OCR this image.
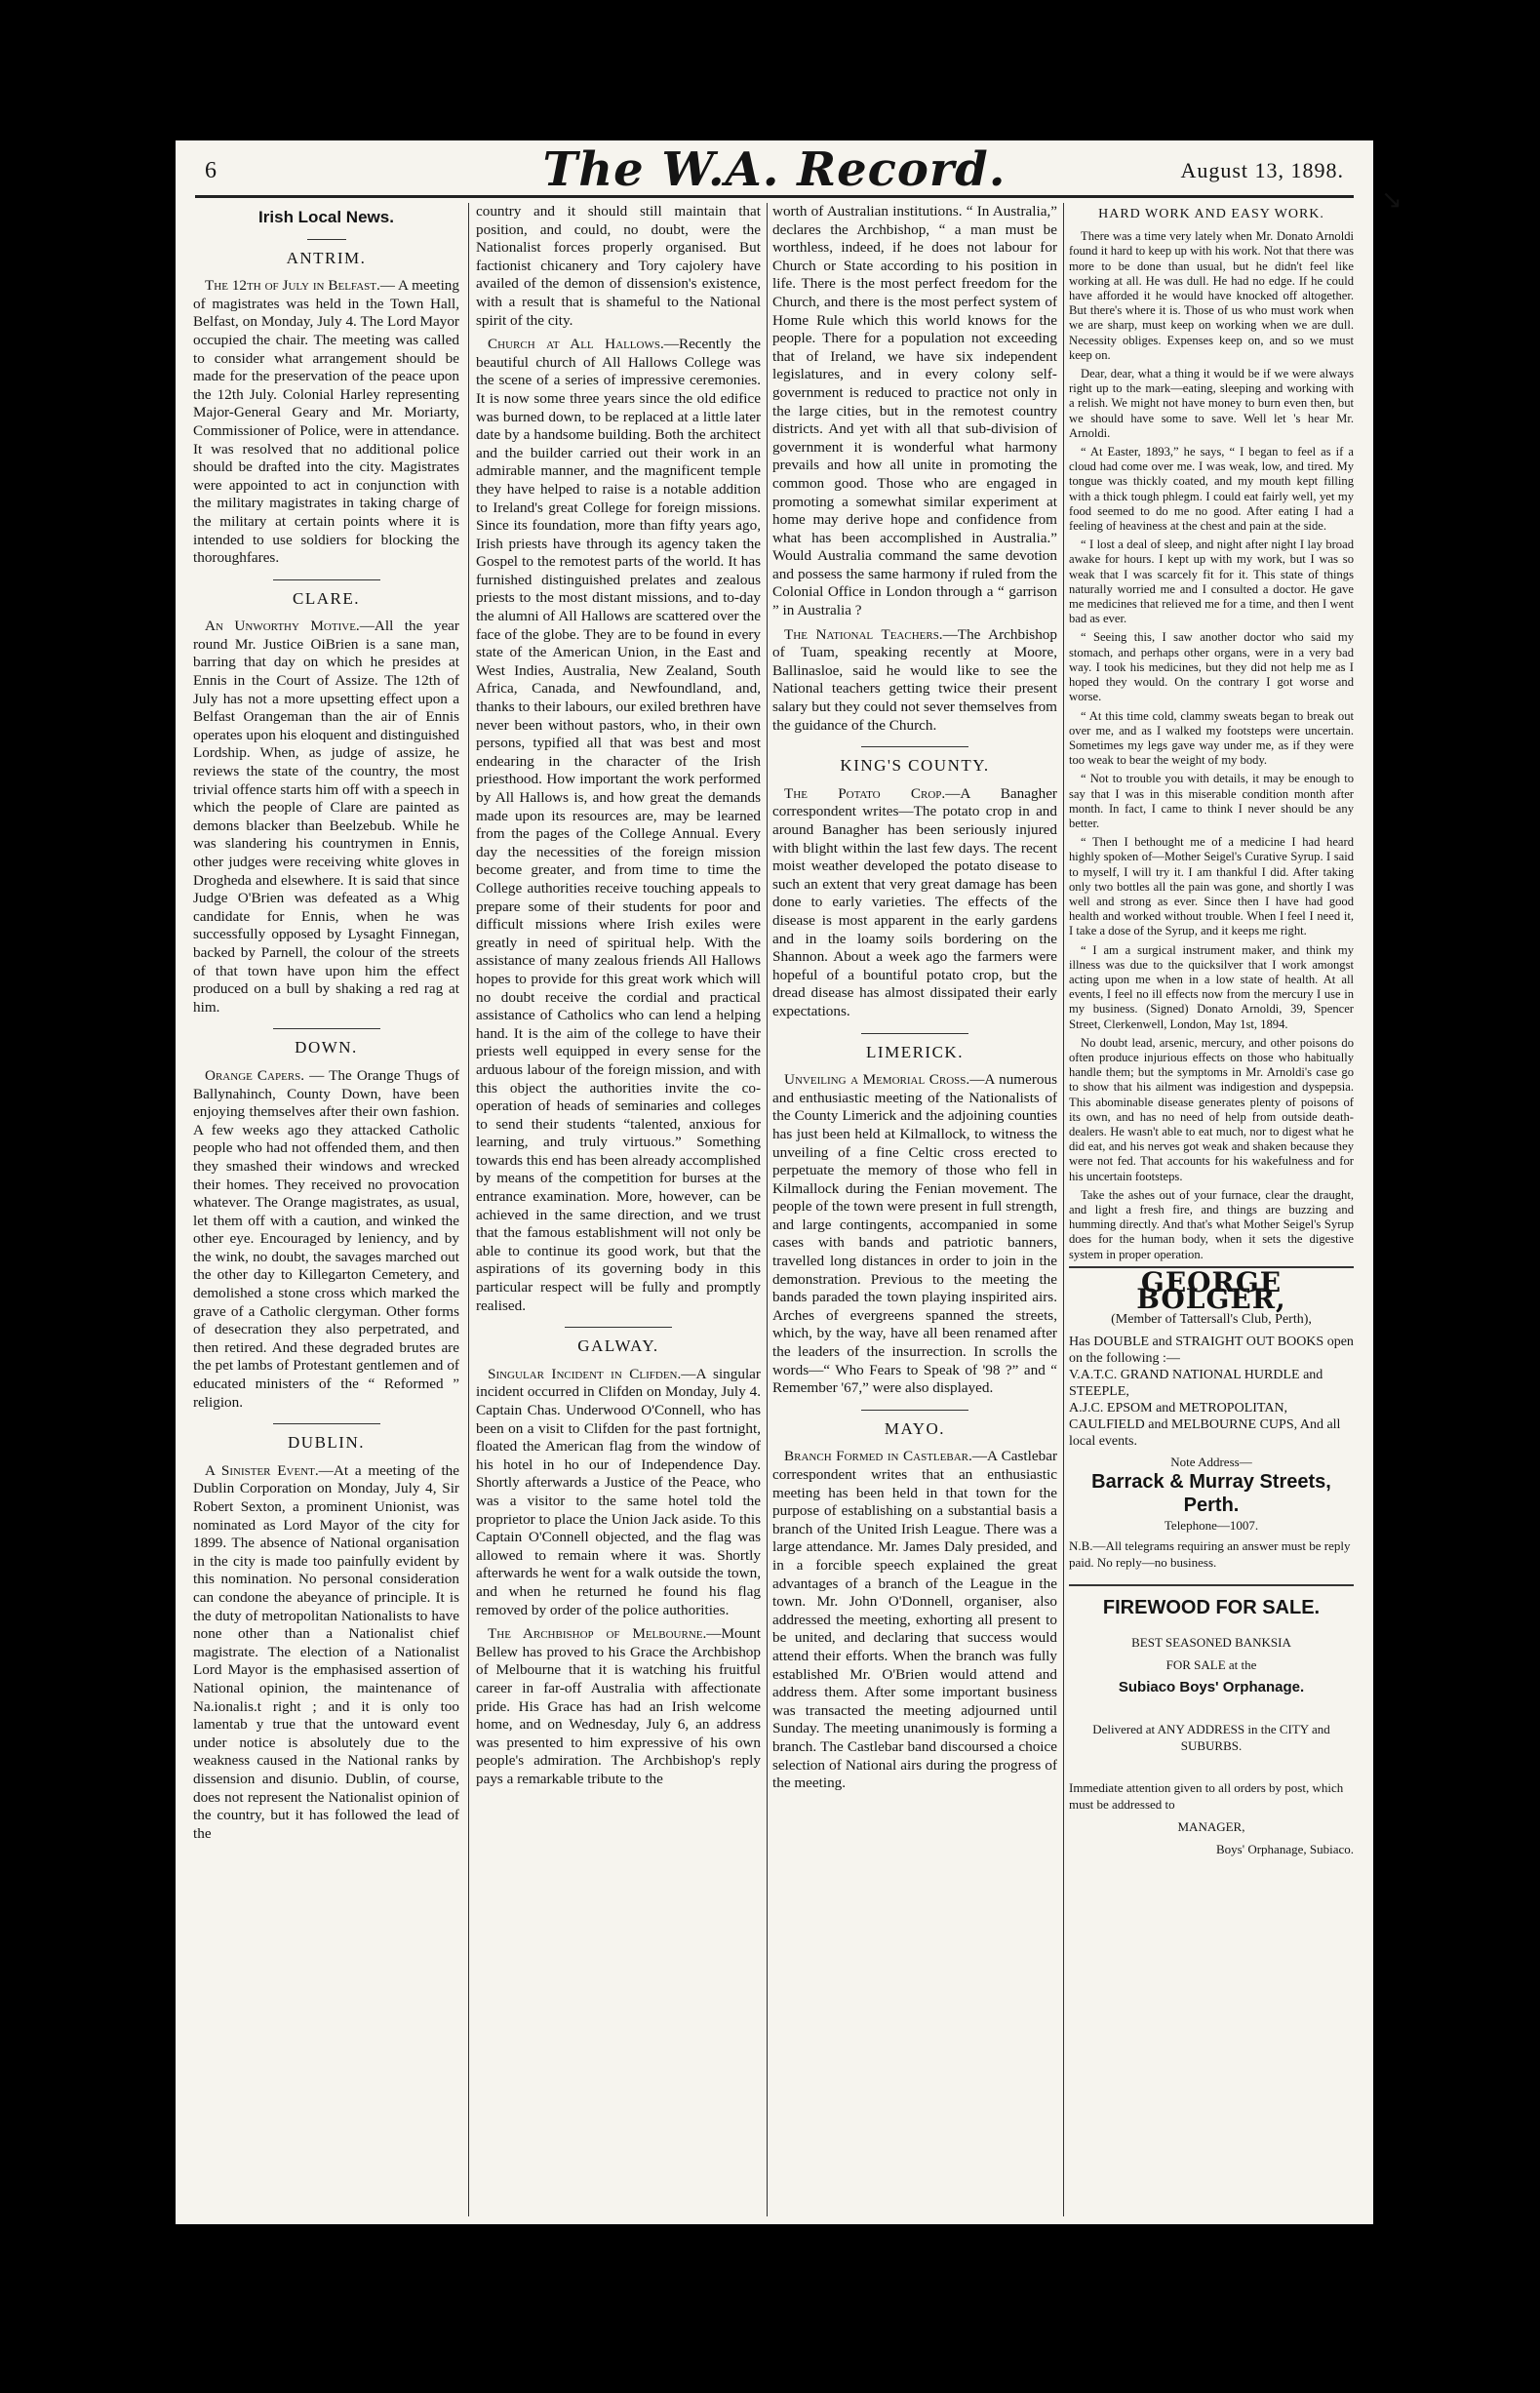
6	The W.A. Record.	August 13, 1898.
Irish Local News.
ANTRIM.

The 12th of July in Belfast.— A meeting of magistrates was held in the Town Hall, Belfast, on Monday, July 4. The Lord Mayor occupied the chair. The meeting was called to consider what arrangement should be made for the preservation of the peace upon the 12th July. Colonial Harley representing Major-General Geary and Mr. Moriarty, Commissioner of Police, were in attendance. It was resolved that no additional police should be drafted into the city. Magistrates were appointed to act in conjunction with the military magistrates in taking charge of the military at certain points where it is intended to use soldiers for blocking the thoroughfares.

CLARE.

An Unworthy Motive.—All the year round Mr. Justice OiBrien is a sane man, barring that day on which he presides at Ennis in the Court of Assize. The 12th of July has not a more upsetting effect upon a Belfast Orangeman than the air of Ennis operates upon his eloquent and distinguished Lordship. When, as judge of assize, he reviews the state of the country, the most trivial offence starts him off with a speech in which the people of Clare are painted as demons blacker than Beelzebub. While he was slandering his countrymen in Ennis, other judges were receiving white gloves in Drogheda and elsewhere. It is said that since Judge O'Brien was defeated as a Whig candidate for Ennis, when he was successfully opposed by Lysaght Finnegan, backed by Parnell, the colour of the streets of that town have upon him the effect produced on a bull by shaking a red rag at him.

DOWN.

Orange Capers. — The Orange Thugs of Ballynahinch, County Down, have been enjoying themselves after their own fashion. A few weeks ago they attacked Catholic people who had not offended them, and then they smashed their windows and wrecked their homes. They received no provocation whatever. The Orange magistrates, as usual, let them off with a caution, and winked the other eye. Encouraged by leniency, and by the wink, no doubt, the savages marched out the other day to Killegarton Cemetery, and demolished a stone cross which marked the grave of a Catholic clergyman. Other forms of desecration they also perpetrated, and then retired. And these degraded brutes are the pet lambs of Protestant gentlemen and of educated ministers of the “ Reformed ” religion.

DUBLIN.

A Sinister Event.—At a meeting of the Dublin Corporation on Monday, July 4, Sir Robert Sexton, a prominent Unionist, was nominated as Lord Mayor of the city for 1899. The absence of National organisation in the city is made too painfully evident by this nomination. No personal consideration can condone the abeyance of principle. It is the duty of metropolitan Nationalists to have none other than a Nationalist chief magistrate. The election of a Nationalist Lord Mayor is the emphasised assertion of National opinion, the maintenance of Na.ionalis.t right ; and it is only too lamentab y true that the untoward event under notice is absolutely due to the weakness caused in the National ranks by dissension and disunio. Dublin, of course, does not represent the Nationalist opinion of the country, but it has followed the lead of the

country and it should still maintain that position, and could, no doubt, were the Nationalist forces properly organised. But factionist chicanery and Tory cajolery have availed of the demon of dissension's existence, with a result that is shameful to the National spirit of the city.

Church at All Hallows.—Recently the beautiful church of All Hallows College was the scene of a series of impressive ceremonies. It is now some three years since the old edifice was burned down, to be replaced at a little later date by a handsome building. Both the architect and the builder carried out their work in an admirable manner, and the magnificent temple they have helped to raise is a notable addition to Ireland's great College for foreign missions. Since its foundation, more than fifty years ago, Irish priests have through its agency taken the Gospel to the remotest parts of the world. It has furnished distinguished prelates and zealous priests to the most distant missions, and to-day the alumni of All Hallows are scattered over the face of the globe. They are to be found in every state of the American Union, in the East and West Indies, Australia, New Zealand, South Africa, Canada, and Newfoundland, and, thanks to their labours, our exiled brethren have never been without pastors, who, in their own persons, typified all that was best and most endearing in the character of the Irish priesthood. How important the work performed by All Hallows is, and how great the demands made upon its resources are, may be learned from the pages of the College Annual. Every day the necessities of the foreign mission become greater, and from time to time the College authorities receive touching appeals to prepare some of their students for poor and difficult missions where Irish exiles were greatly in need of spiritual help. With the assistance of many zealous friends All Hallows hopes to provide for this great work which will no doubt receive the cordial and practical assistance of Catholics who can lend a helping hand. It is the aim of the college to have their priests well equipped in every sense for the arduous labour of the foreign mission, and with this object the authorities invite the co-operation of heads of seminaries and colleges to send their students “talented, anxious for learning, and truly virtuous.” Something towards this end has been already accomplished by means of the competition for burses at the entrance examination. More, however, can be achieved in the same direction, and we trust that the famous establishment will not only be able to continue its good work, but that the aspirations of its governing body in this particular respect will be fully and promptly realised.

GALWAY.

Singular Incident in Clifden.—A singular incident occurred in Clifden on Monday, July 4. Captain Chas. Underwood O'Connell, who has been on a visit to Clifden for the past fortnight, floated the American flag from the window of his hotel in ho our of Independence Day. Shortly afterwards a Justice of the Peace, who was a visitor to the same hotel told the proprietor to place the Union Jack aside. To this Captain O'Connell objected, and the flag was allowed to remain where it was. Shortly afterwards he went for a walk outside the town, and when he returned he found his flag removed by order of the police authorities.

The Archbishop of Melbourne.—Mount Bellew has proved to his Grace the Archbishop of Melbourne that it is watching his fruitful career in far-off Australia with affectionate pride. His Grace has had an Irish welcome home, and on Wednesday, July 6, an address was presented to him expressive of his own people's admiration. The Archbishop's reply pays a remarkable tribute to the

worth of Australian institutions. “ In Australia,” declares the Archbishop, “ a man must be worthless, indeed, if he does not labour for Church or State according to his position in life. There is the most perfect freedom for the Church, and there is the most perfect system of Home Rule which this world knows for the people. There for a population not exceeding that of Ireland, we have six independent legislatures, and in every colony self-government is reduced to practice not only in the large cities, but in the remotest country districts. And yet with all that sub-division of government it is wonderful what harmony prevails and how all unite in promoting the common good. Those who are engaged in promoting a somewhat similar experiment at home may derive hope and confidence from what has been accomplished in Australia.” Would Australia command the same devotion and possess the same harmony if ruled from the Colonial Office in London through a “ garrison ” in Australia ?

The National Teachers.—The Archbishop of Tuam, speaking recently at Moore, Ballinasloe, said he would like to see the National teachers getting twice their present salary but they could not sever themselves from the guidance of the Church.

KING'S COUNTY.

The Potato Crop.—A Banagher correspondent writes—The potato crop in and around Banagher has been seriously injured with blight within the last few days. The recent moist weather developed the potato disease to such an extent that very great damage has been done to early varieties. The effects of the disease is most apparent in the early gardens and in the loamy soils bordering on the Shannon. About a week ago the farmers were hopeful of a bountiful potato crop, but the dread disease has almost dissipated their early expectations.

LIMERICK.

Unveiling a Memorial Cross.—A numerous and enthusiastic meeting of the Nationalists of the County Limerick and the adjoining counties has just been held at Kilmallock, to witness the unveiling of a fine Celtic cross erected to perpetuate the memory of those who fell in Kilmallock during the Fenian movement. The people of the town were present in full strength, and large contingents, accompanied in some cases with bands and patriotic banners, travelled long distances in order to join in the demonstration. Previous to the meeting the bands paraded the town playing inspirited airs. Arches of evergreens spanned the streets, which, by the way, have all been renamed after the leaders of the insurrection. In scrolls the words—“ Who Fears to Speak of '98 ?” and “ Remember '67,” were also displayed.

MAYO.

Branch Formed in Castlebar.—A Castlebar correspondent writes that an enthusiastic meeting has been held in that town for the purpose of establishing on a substantial basis a branch of the United Irish League. There was a large attendance. Mr. James Daly presided, and in a forcible speech explained the great advantages of a branch of the League in the town. Mr. John O'Donnell, organiser, also addressed the meeting, exhorting all present to be united, and declaring that success would attend their efforts. When the branch was fully established Mr. O'Brien would attend and address them. After some important business was transacted the meeting adjourned until Sunday. The meeting unanimously is forming a branch. The Castlebar band discoursed a choice selection of National airs during the progress of the meeting.

HARD WORK AND EASY WORK.

There was a time very lately when Mr. Donato Arnoldi found it hard to keep up with his work. Not that there was more to be done than usual, but he didn't feel like working at all. He was dull. He had no edge. If he could have afforded it he would have knocked off altogether. But there's where it is. Those of us who must work when we are sharp, must keep on working when we are dull. Necessity obliges. Expenses keep on, and so we must keep on.

Dear, dear, what a thing it would be if we were always right up to the mark—eating, sleeping and working with a relish. We might not have money to burn even then, but we should have some to save. Well let 's hear Mr. Arnoldi.

“ At Easter, 1893,” he says, “ I began to feel as if a cloud had come over me. I was weak, low, and tired. My tongue was thickly coated, and my mouth kept filling with a thick tough phlegm. I could eat fairly well, yet my food seemed to do me no good. After eating I had a feeling of heaviness at the chest and pain at the side.

“ I lost a deal of sleep, and night after night I lay broad awake for hours. I kept up with my work, but I was so weak that I was scarcely fit for it. This state of things naturally worried me and I consulted a doctor. He gave me medicines that relieved me for a time, and then I went bad as ever.

“ Seeing this, I saw another doctor who said my stomach, and perhaps other organs, were in a very bad way. I took his medicines, but they did not help me as I hoped they would. On the contrary I got worse and worse.

“ At this time cold, clammy sweats began to break out over me, and as I walked my footsteps were uncertain. Sometimes my legs gave way under me, as if they were too weak to bear the weight of my body.

“ Not to trouble you with details, it may be enough to say that I was in this miserable condition month after month. In fact, I came to think I never should be any better.

“ Then I bethought me of a medicine I had heard highly spoken of—Mother Seigel's Curative Syrup. I said to myself, I will try it. I am thankful I did. After taking only two bottles all the pain was gone, and shortly I was well and strong as ever. Since then I have had good health and worked without trouble. When I feel I need it, I take a dose of the Syrup, and it keeps me right.

“ I am a surgical instrument maker, and think my illness was due to the quicksilver that I work amongst acting upon me when in a low state of health. At all events, I feel no ill effects now from the mercury I use in my business. (Signed) Donato Arnoldi, 39, Spencer Street, Clerkenwell, London, May 1st, 1894.

No doubt lead, arsenic, mercury, and other poisons do often produce injurious effects on those who habitually handle them; but the symptoms in Mr. Arnoldi's case go to show that his ailment was indigestion and dyspepsia. This abominable disease generates plenty of poisons of its own, and has no need of help from outside death-dealers. He wasn't able to eat much, nor to digest what he did eat, and his nerves got weak and shaken because they were not fed. That accounts for his wakefulness and for his uncertain footsteps.

Take the ashes out of your furnace, clear the draught, and light a fresh fire, and things are buzzing and humming directly. And that's what Mother Seigel's Syrup does for the human body, when it sets the digestive system in proper operation.

GEORGE BOLGER,
(Member of Tattersall's Club, Perth),
Has DOUBLE and STRAIGHT OUT BOOKS open on the following :—
V.A.T.C. GRAND NATIONAL HURDLE and STEEPLE,
A.J.C. EPSOM and METROPOLITAN, CAULFIELD and MELBOURNE CUPS, And all local events.
Note Address—
Barrack & Murray Streets, Perth.
Telephone—1007.
N.B.—All telegrams requiring an answer must be reply paid. No reply—no business.
FIREWOOD FOR SALE.
BEST SEASONED BANKSIA
FOR SALE at the
Subiaco Boys' Orphanage.
Delivered at ANY ADDRESS in the CITY and SUBURBS.
Immediate attention given to all orders by post, which must be addressed to
MANAGER,
Boys' Orphanage, Subiaco.
↘
